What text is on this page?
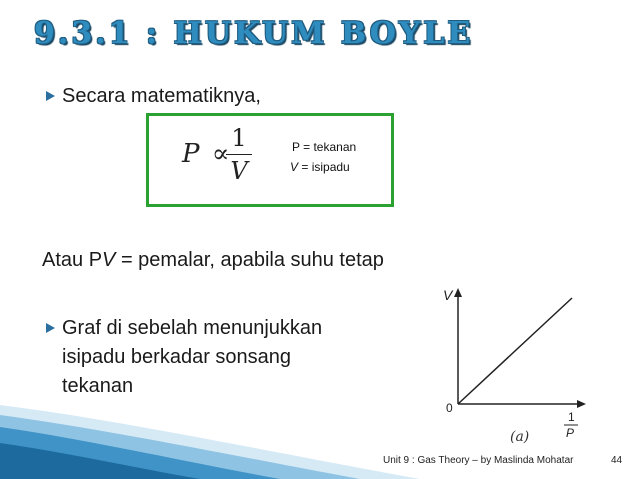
9.3.1 : HUKUM BOYLE
Secara matematiknya,
P ∝
1
V
P = tekanan
V = isipadu
Atau PV = pemalar, apabila suhu tetap
Graf di sebelah menunjukkan
isipadu berkadar sonsang
tekanan
V
0
1
P
(a)
Unit 9 : Gas Theory – by Maslinda Mohatar	44
